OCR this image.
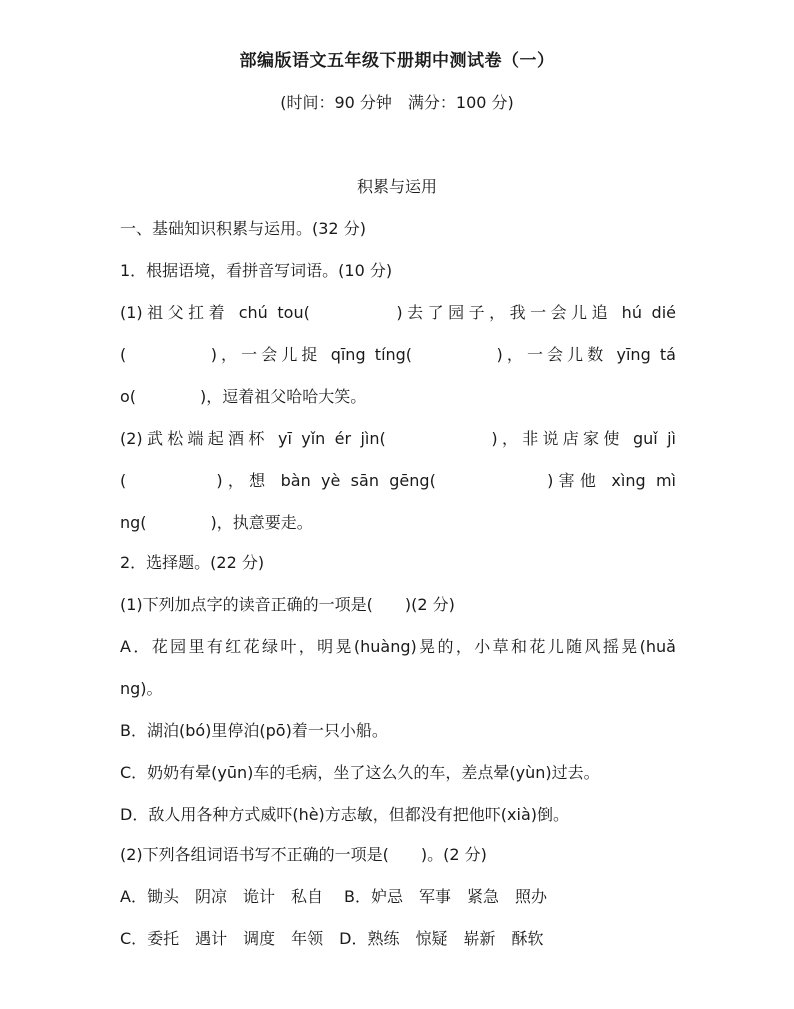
部编版语文五年级下册期中测试卷（一）
(时间：90 分钟　满分：100 分)
积累与运用
一、基础知识积累与运用。(32 分)
1．根据语境，看拼音写词语。(10 分)
(1)祖父扛着 chú tou(　　　　)去了园子，我一会儿追 hú dié
(　　　　)，一会儿捉 qīng tíng(　　　　)，一会儿数 yīng tá
o(　　　　)，逗着祖父哈哈大笑。
(2)武松端起酒杯 yī yǐn ér jìn(　　　　　)，非说店家使 guǐ jì
(　　　　)，想 bàn yè sān gēng(　　　　　)害他 xìng mì
ng(　　　　)，执意要走。
2．选择题。(22 分)
(1)下列加点字的读音正确的一项是(　　)(2 分)
A．花园里有红花绿叶，明晃(huàng)晃的，小草和花儿随风摇晃(huǎ
ng)。
B．湖泊(bó)里停泊(pō)着一只小船。
C．奶奶有晕(yūn)车的毛病，坐了这么久的车，差点晕(yùn)过去。
D．敌人用各种方式威吓(hè)方志敏，但都没有把他吓(xià)倒。
(2)下列各组词语书写不正确的一项是(　　)。(2 分)
A．锄头　阴凉　诡计　私自　 B．妒忌　军事　紧急　照办
C．委托　遇计　调度　年领　D．熟练　惊疑　崭新　酥软
